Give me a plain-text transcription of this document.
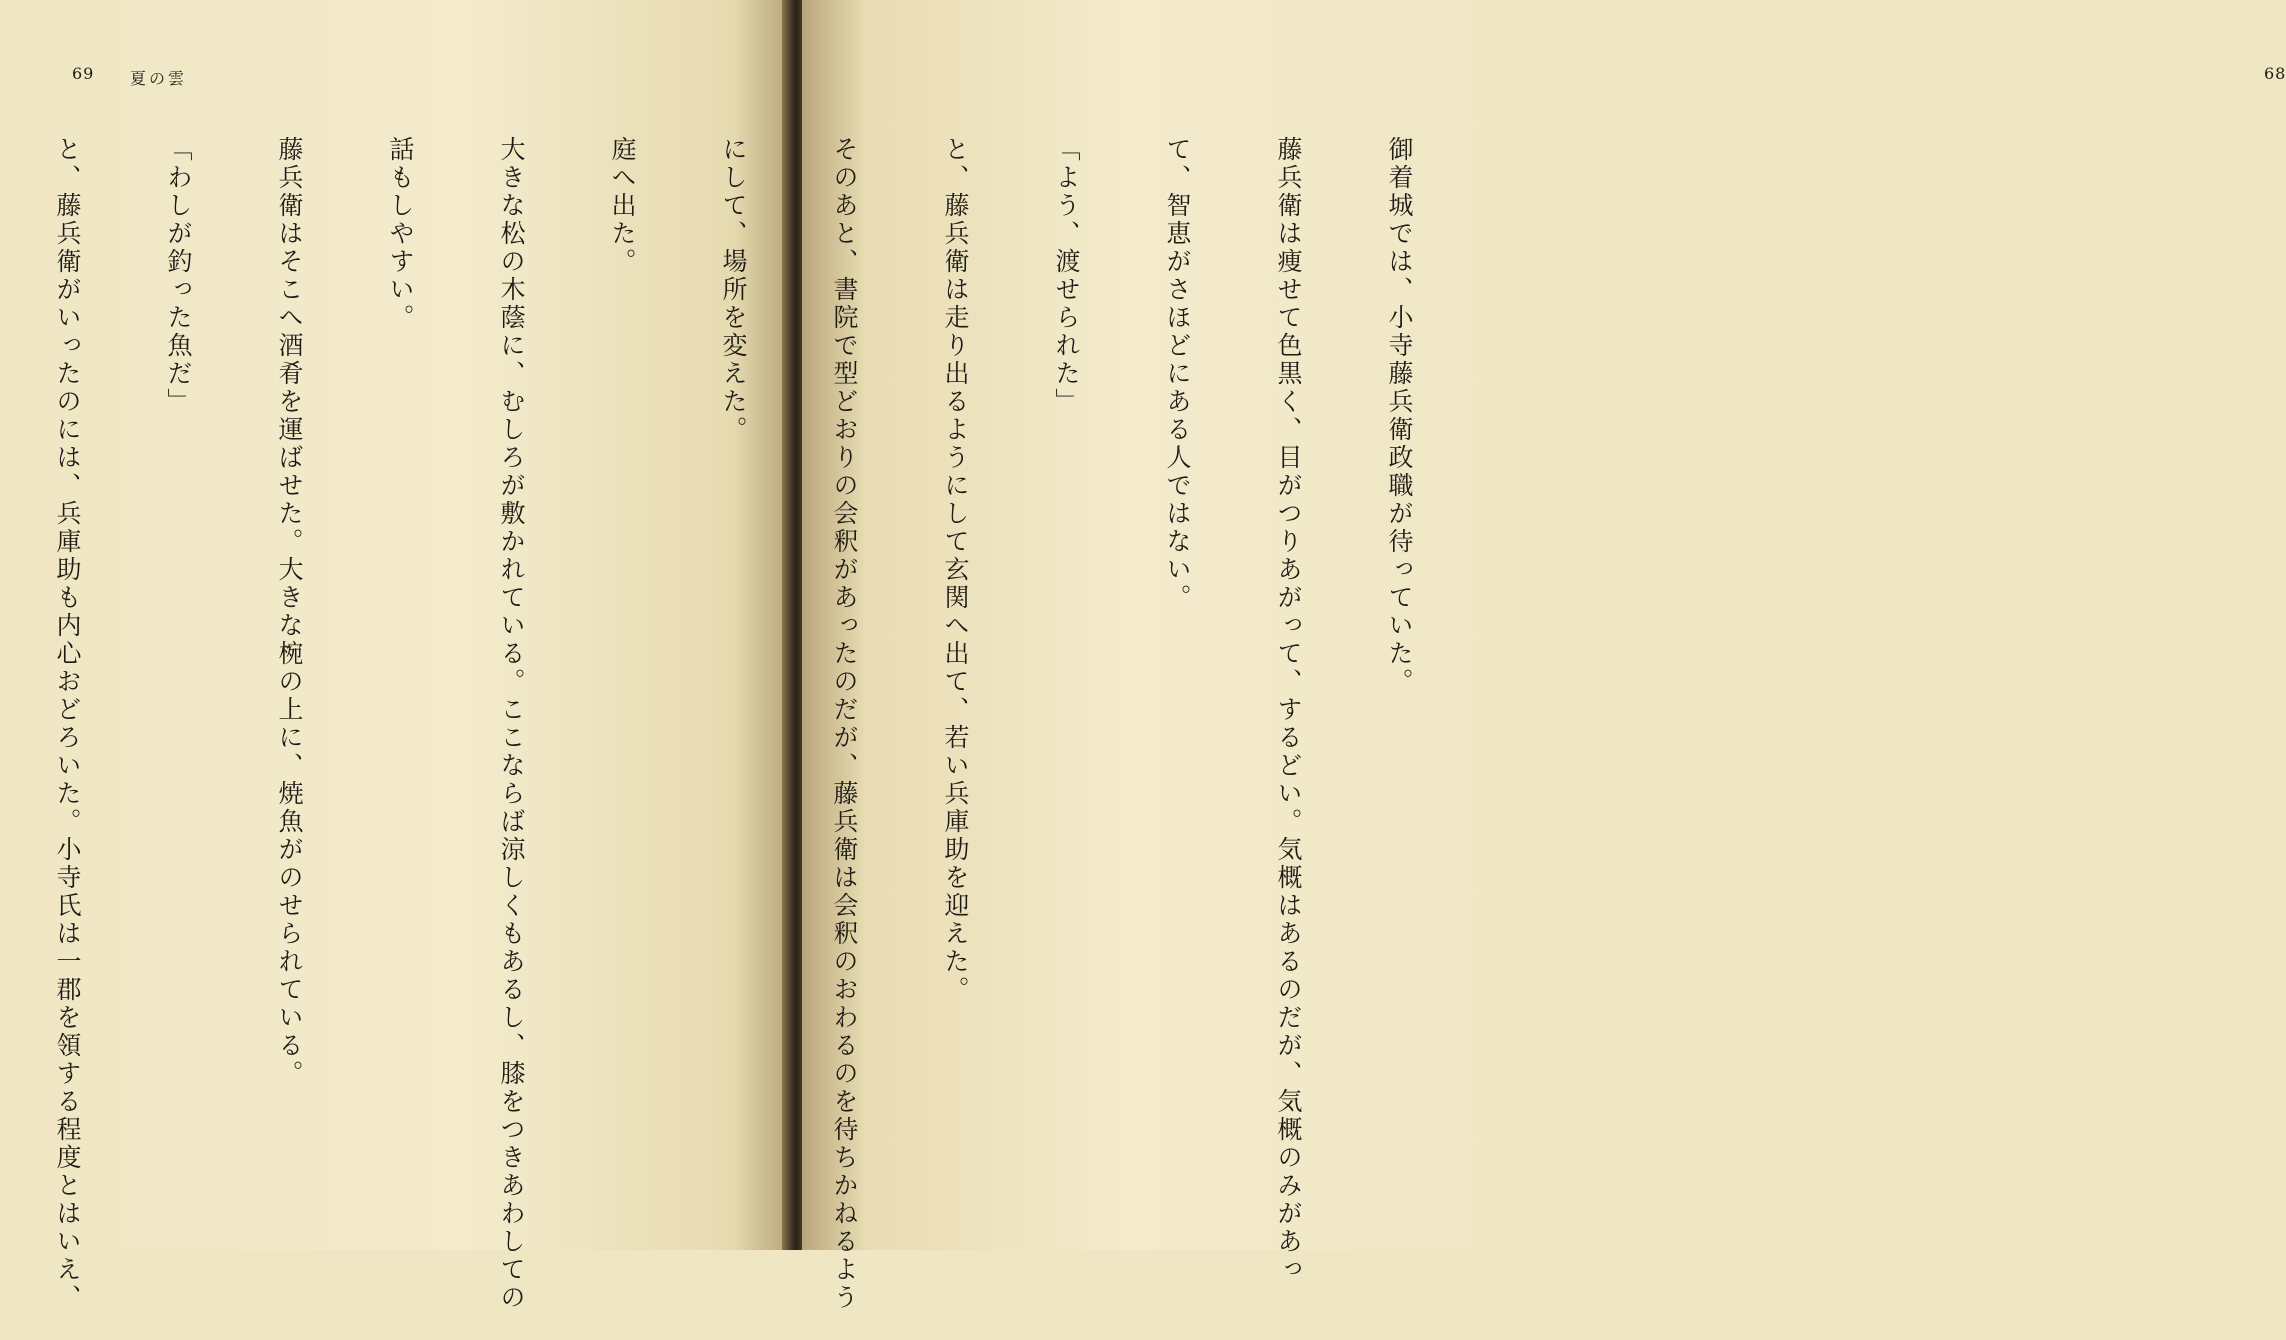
69 夏の雲

	68

御着城では、小寺藤兵衛政職が待っていた。

藤兵衛は痩せて色黒く、目がつりあがって、するどい。気概はあるのだが、気概のみがあっ

て、智恵がさほどにある人ではない。

「よう、渡せられた」

と、藤兵衛は走り出るようにして玄関へ出て、若い兵庫助を迎えた。

そのあと、書院で型どおりの会釈があったのだが、藤兵衛は会釈のおわるのを待ちかねるよう

にして、場所を変えた。

庭へ出た。

大きな松の木蔭に、むしろが敷かれている。ここならば涼しくもあるし、膝をつきあわしての

話もしやすい。

藤兵衛はそこへ酒肴を運ばせた。大きな椀の上に、焼魚がのせられている。

「わしが釣った魚だ」

と、藤兵衛がいったのには、兵庫助も内心おどろいた。小寺氏は一郡を領する程度とはいえ、
